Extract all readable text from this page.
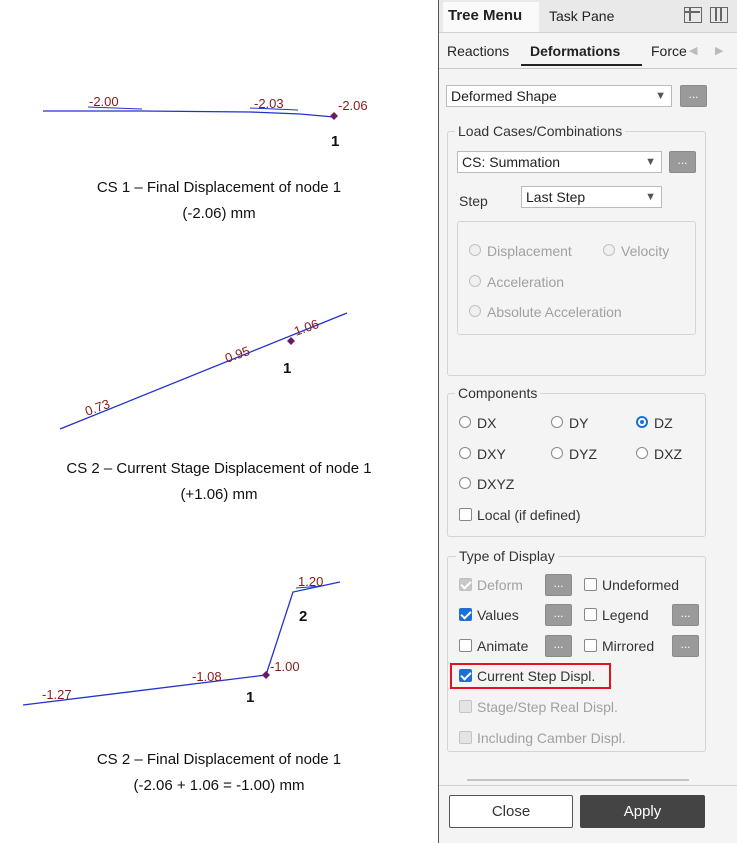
-2.00	-2.03	-2.06
1
0.73
0.95
1.06
1
-1.27
-1.08
-1.00
1.20
1
2
CS 1 – Final Displacement of node 1
(-2.06) mm
CS 2 – Current Stage Displacement of node 1
(+1.06) mm
CS 2 – Final Displacement of node 1
(-2.06 + 1.06 = -1.00) mm
Tree Menu	Task Pane
Reactions	Deformations	Force ◀ ▶
Deformed Shape	▼	...
Load Cases/Combinations
CS: Summation	▼	...
Step	Last Step	▼
Displacement	Velocity
Acceleration
Absolute Acceleration
Components
DX	DY	DZ
DXY	DYZ	DXZ
DXYZ
Local (if defined)
Type of Display
Deform	...	Undeformed
Values	...	Legend	...
Animate	...	Mirrored	...
Current Step Displ.
Stage/Step Real Displ.
Including Camber Displ.
Close	Apply
